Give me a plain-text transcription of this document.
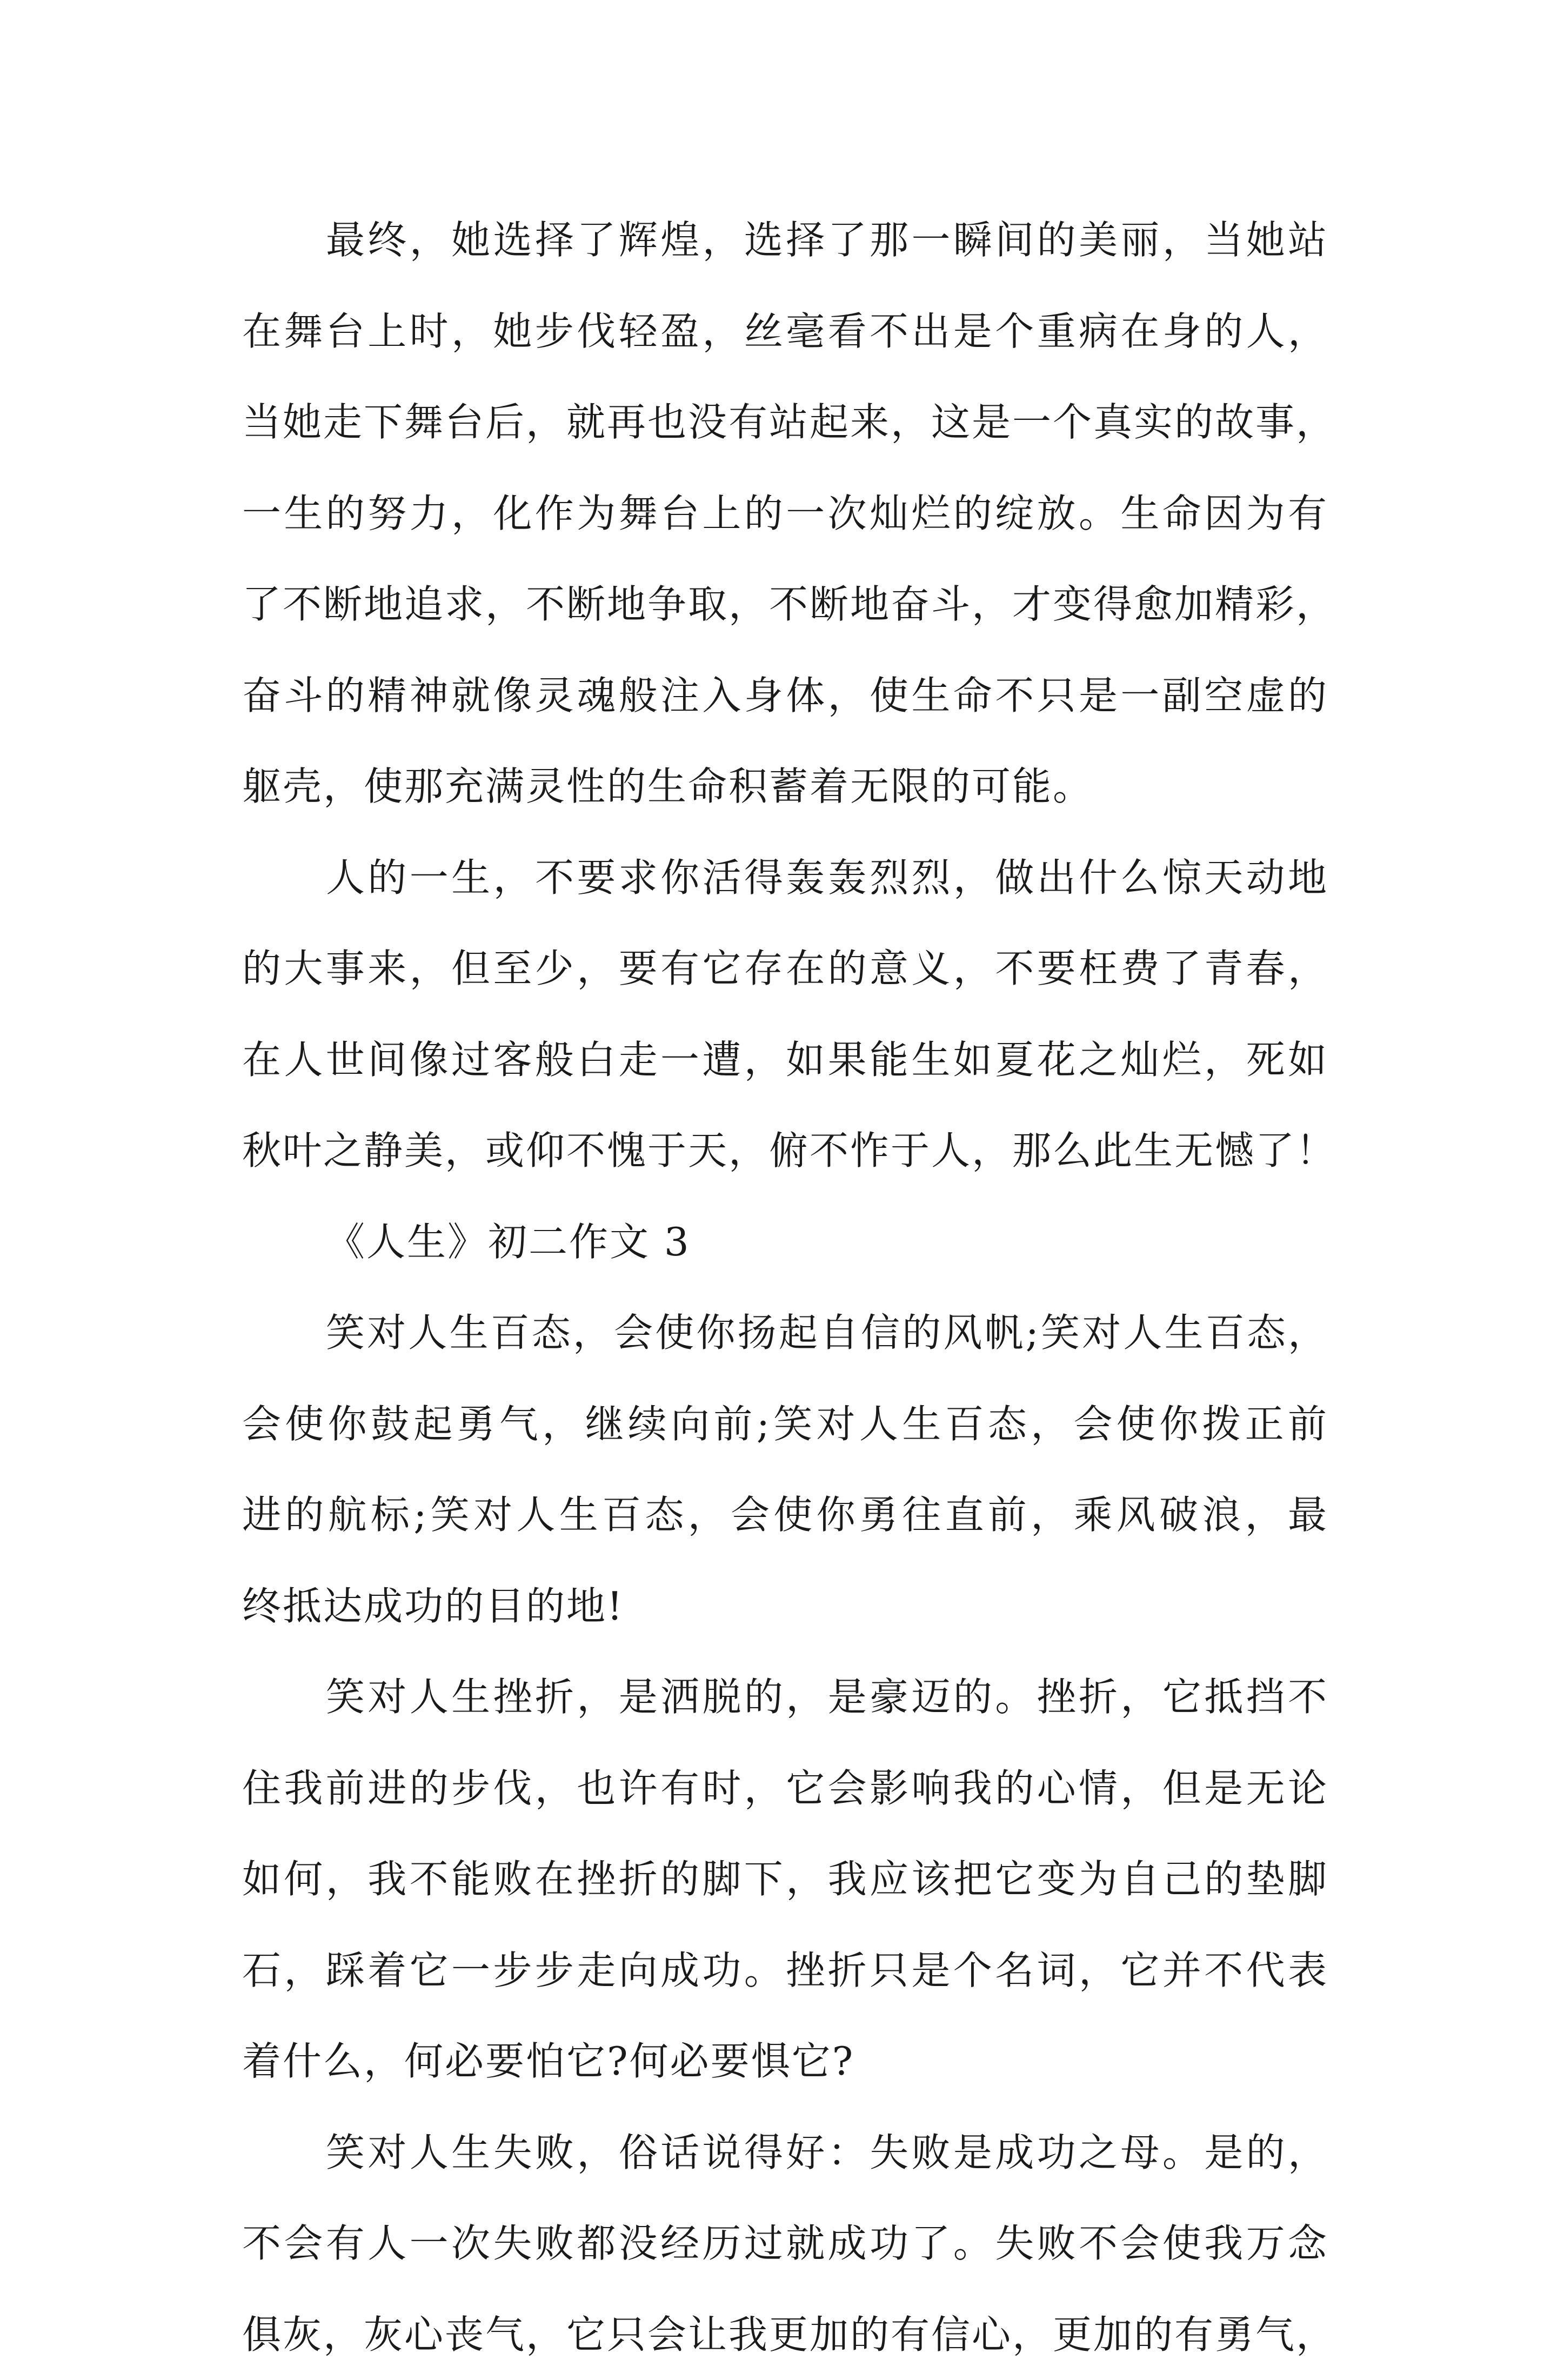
最终，她选择了辉煌，选择了那一瞬间的美丽，当她站
在舞台上时，她步伐轻盈，丝毫看不出是个重病在身的人，
当她走下舞台后，就再也没有站起来，这是一个真实的故事，
一生的努力，化作为舞台上的一次灿烂的绽放。生命因为有
了不断地追求，不断地争取，不断地奋斗，才变得愈加精彩，
奋斗的精神就像灵魂般注入身体，使生命不只是一副空虚的
躯壳，使那充满灵性的生命积蓄着无限的可能。
人的一生，不要求你活得轰轰烈烈，做出什么惊天动地
的大事来，但至少，要有它存在的意义，不要枉费了青春，
在人世间像过客般白走一遭，如果能生如夏花之灿烂，死如
秋叶之静美，或仰不愧于天，俯不怍于人，那么此生无憾了！
《人生》初二作文 3
笑对人生百态，会使你扬起自信的风帆;笑对人生百态，
会使你鼓起勇气，继续向前;笑对人生百态，会使你拨正前
进的航标;笑对人生百态，会使你勇往直前，乘风破浪，最
终抵达成功的目的地!
笑对人生挫折，是洒脱的，是豪迈的。挫折，它抵挡不
住我前进的步伐，也许有时，它会影响我的心情，但是无论
如何，我不能败在挫折的脚下，我应该把它变为自己的垫脚
石，踩着它一步步走向成功。挫折只是个名词，它并不代表
着什么，何必要怕它?何必要惧它?
笑对人生失败，俗话说得好：失败是成功之母。是的，
不会有人一次失败都没经历过就成功了。失败不会使我万念
俱灰，灰心丧气，它只会让我更加的有信心，更加的有勇气，
